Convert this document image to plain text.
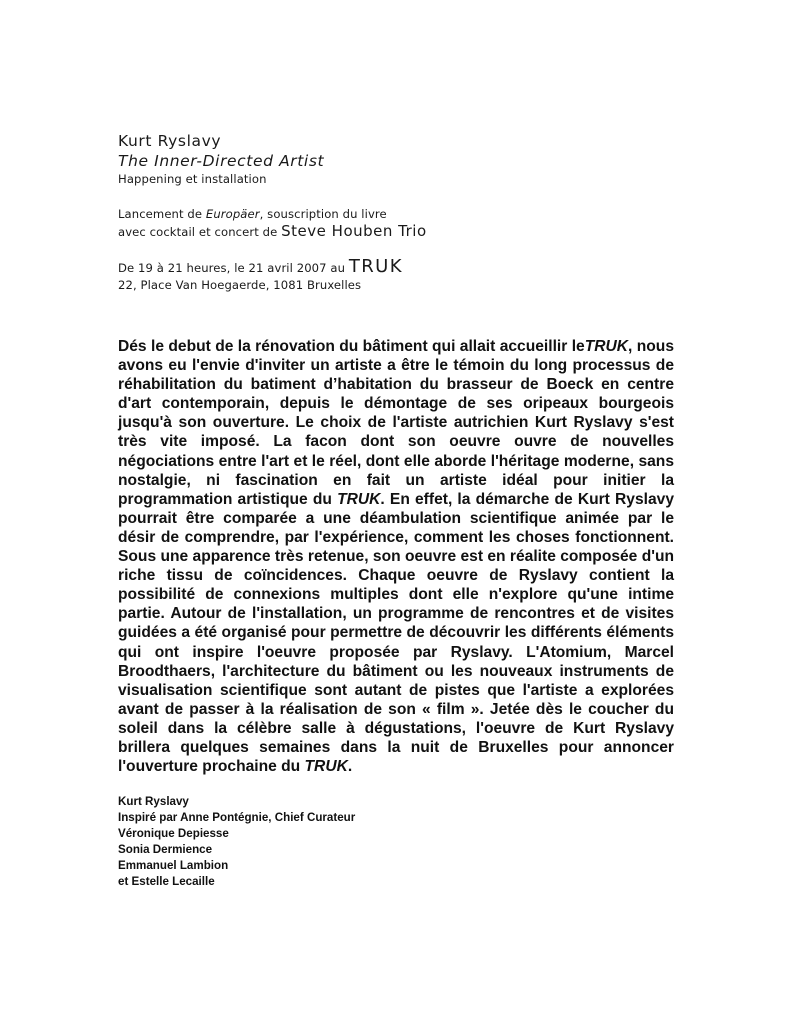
Kurt Ryslavy
The Inner-Directed Artist
Happening et installation
Lancement de Europäer, souscription du livre
avec cocktail et concert de Steve Houben Trio
De 19 à 21 heures, le 21 avril 2007 au TRUK
22, Place Van Hoegaerde, 1081 Bruxelles
Dés le debut de la rénovation du bâtiment qui allait accueillir leTRUK, nous avons eu l'envie d'inviter un artiste a être le témoin du long processus de réhabilitation du batiment d’habitation du brasseur de Boeck en centre d'art contemporain, depuis le démontage de ses oripeaux bourgeois jusqu'à son ouverture. Le choix de l'artiste autrichien Kurt Ryslavy s'est très vite imposé. La facon dont son oeuvre ouvre de nouvelles négociations entre l'art et le réel, dont elle aborde l'héritage moderne, sans nostalgie, ni fascination en fait un artiste idéal pour initier la programmation artistique du TRUK. En effet, la démarche de Kurt Ryslavy pourrait être comparée a une déambulation scientifique animée par le désir de comprendre, par l'expérience, comment les choses fonctionnent. Sous une apparence très retenue, son oeuvre est en réalite composée d'un riche tissu de coïncidences. Chaque oeuvre de Ryslavy contient la possibilité de connexions multiples dont elle n'explore qu'une intime partie. Autour de l'installation, un programme de rencontres et de visites guidées a été organisé pour permettre de découvrir les différents éléments qui ont inspire l'oeuvre proposée par Ryslavy. L'Atomium, Marcel Broodthaers, l'architecture du bâtiment ou les nouveaux instruments de visualisation scientifique sont autant de pistes que l'artiste a explorées avant de passer à la réalisation de son « film ». Jetée dès le coucher du soleil dans la célèbre salle à dégustations, l'oeuvre de Kurt Ryslavy brillera quelques semaines dans la nuit de Bruxelles pour annoncer l'ouverture prochaine du TRUK.
Kurt Ryslavy
Inspiré par Anne Pontégnie, Chief Curateur
Véronique Depiesse
Sonia Dermience
Emmanuel Lambion
et Estelle Lecaille
